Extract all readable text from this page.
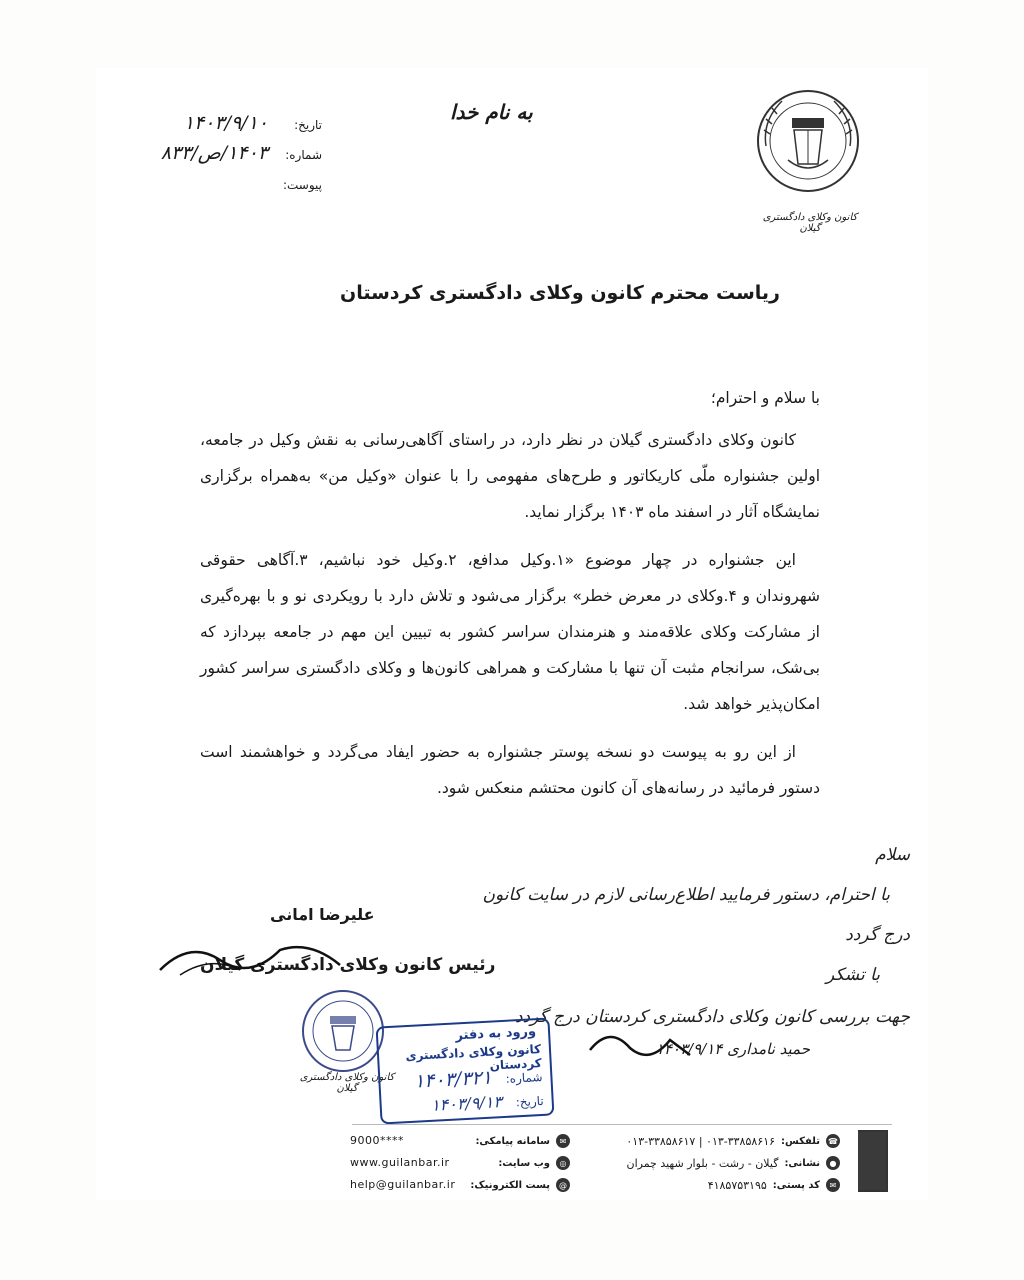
کانون وکلای دادگستری گیلان
به نام خدا
تاریخ:
۱۴۰۳/۹/۱۰
شماره:
۱۴۰۳/ص/۸۳۳
پیوست:
ریاست محترم کانون وکلای دادگستری کردستان

با سلام و احترام؛

کانون وکلای دادگستری گیلان در نظر دارد، در راستای آگاهی‌رسانی به نقش وکیل در جامعه، اولین جشنواره ملّی کاریکاتور و طرح‌های مفهومی را با عنوان «وکیل من» به‌همراه برگزاری نمایشگاه آثار در اسفند ماه ۱۴۰۳ برگزار نماید.

این جشنواره در چهار موضوع «۱.وکیل مدافع، ۲.وکیل خود نباشیم، ۳.آگاهی حقوقی شهروندان و ۴.وکلای در معرض خطر» برگزار می‌شود و تلاش دارد با رویکردی نو و با بهره‌گیری از مشارکت وکلای علاقه‌مند و هنرمندان سراسر کشور به تبیین این مهم در جامعه بپردازد که بی‌شک، سرانجام مثبت آن تنها با مشارکت و همراهی کانون‌ها و وکلای دادگستری سراسر کشور امکان‌پذیر خواهد شد.

از این رو به پیوست دو نسخه پوستر جشنواره به حضور ایفاد می‌گردد و خواهشمند است دستور فرمائید در رسانه‌های آن کانون محتشم منعکس شود.

سلام
با احترام، دستور فرمایید اطلاع‌رسانی لازم در سایت کانون
درج گردد
با تشکر
جهت بررسی کانون وکلای دادگستری کردستان درج گردد
علیرضا امانی
رئیس کانون وکلای دادگستری گیلان
کانون وکلای دادگستری گیلان
ورود به دفتر
کانون وکلای دادگستری کردستان
شماره: ۱۴۰۳/۳۲۱
تاریخ: ۱۴۰۳/۹/۱۳
حمید نامداری ۱۴۰۳/۹/۱۴
☎
تلفکس:
۰۱۳-۳۳۸۵۸۶۱۶ | ۰۱۳-۳۳۸۵۸۶۱۷
●
نشانی:
گیلان - رشت - بلوار شهید چمران
✉
کد پستی:
۴۱۸۵۷۵۳۱۹۵
✉
سامانه پیامکی:
◎
وب سایت:
@
پست الکترونیک:
9000****
www.guilanbar.ir
help@guilanbar.ir
